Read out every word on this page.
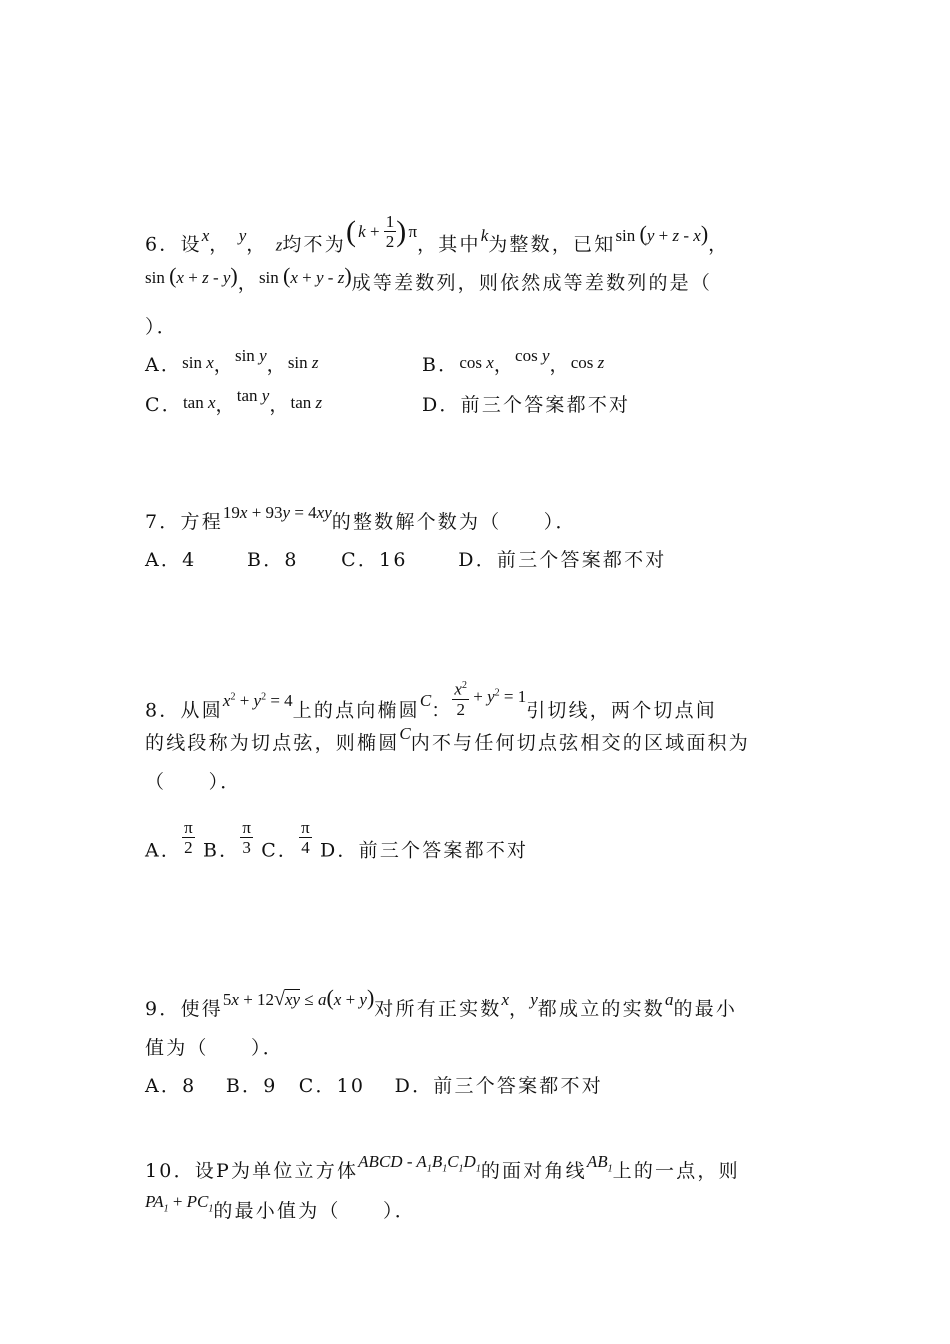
6．设x， y， z均不为$(k + \frac{1}{2} )\pi$，其中k为整数，已知sin (y + z - x)，
sin (x + z - y)，sin (x + y - z)成等差数列，则依然成等差数列的是（
）．
A．sin x，sin y，sin z	B．cos x，cos y，cos z
C．tan x，tan y，tan z	D．前三个答案都不对
7．方程19x + 93y = 4xy的整数解个数为（　　）．
A．4　　 B．8　　C．16　　 D．前三个答案都不对
8．从圆$x^2 + y^2 = 4$上的点向椭圆C： $\frac{x^2}{2} + y^2 = 1$引切线，两个切点间
的线段称为切点弦，则椭圆C内不与任何切点弦相交的区域面积为
（　　）．
A． $\frac{\pi}{2}$ B． $\frac{\pi}{3}$ C． $\frac{\pi}{4}$ D．前三个答案都不对
9．使得5x + 12√xy ≤ a(x + y)对所有正实数x，y都成立的实数a的最小
值为（　　）．
A．8　 B．9　C．10　 D．前三个答案都不对
10．设P为单位立方体ABCD - $A_1B_1C_1D_1$的面对角线$AB_1$上的一点，则
$PA_1 + PC_1$的最小值为（　　）．
